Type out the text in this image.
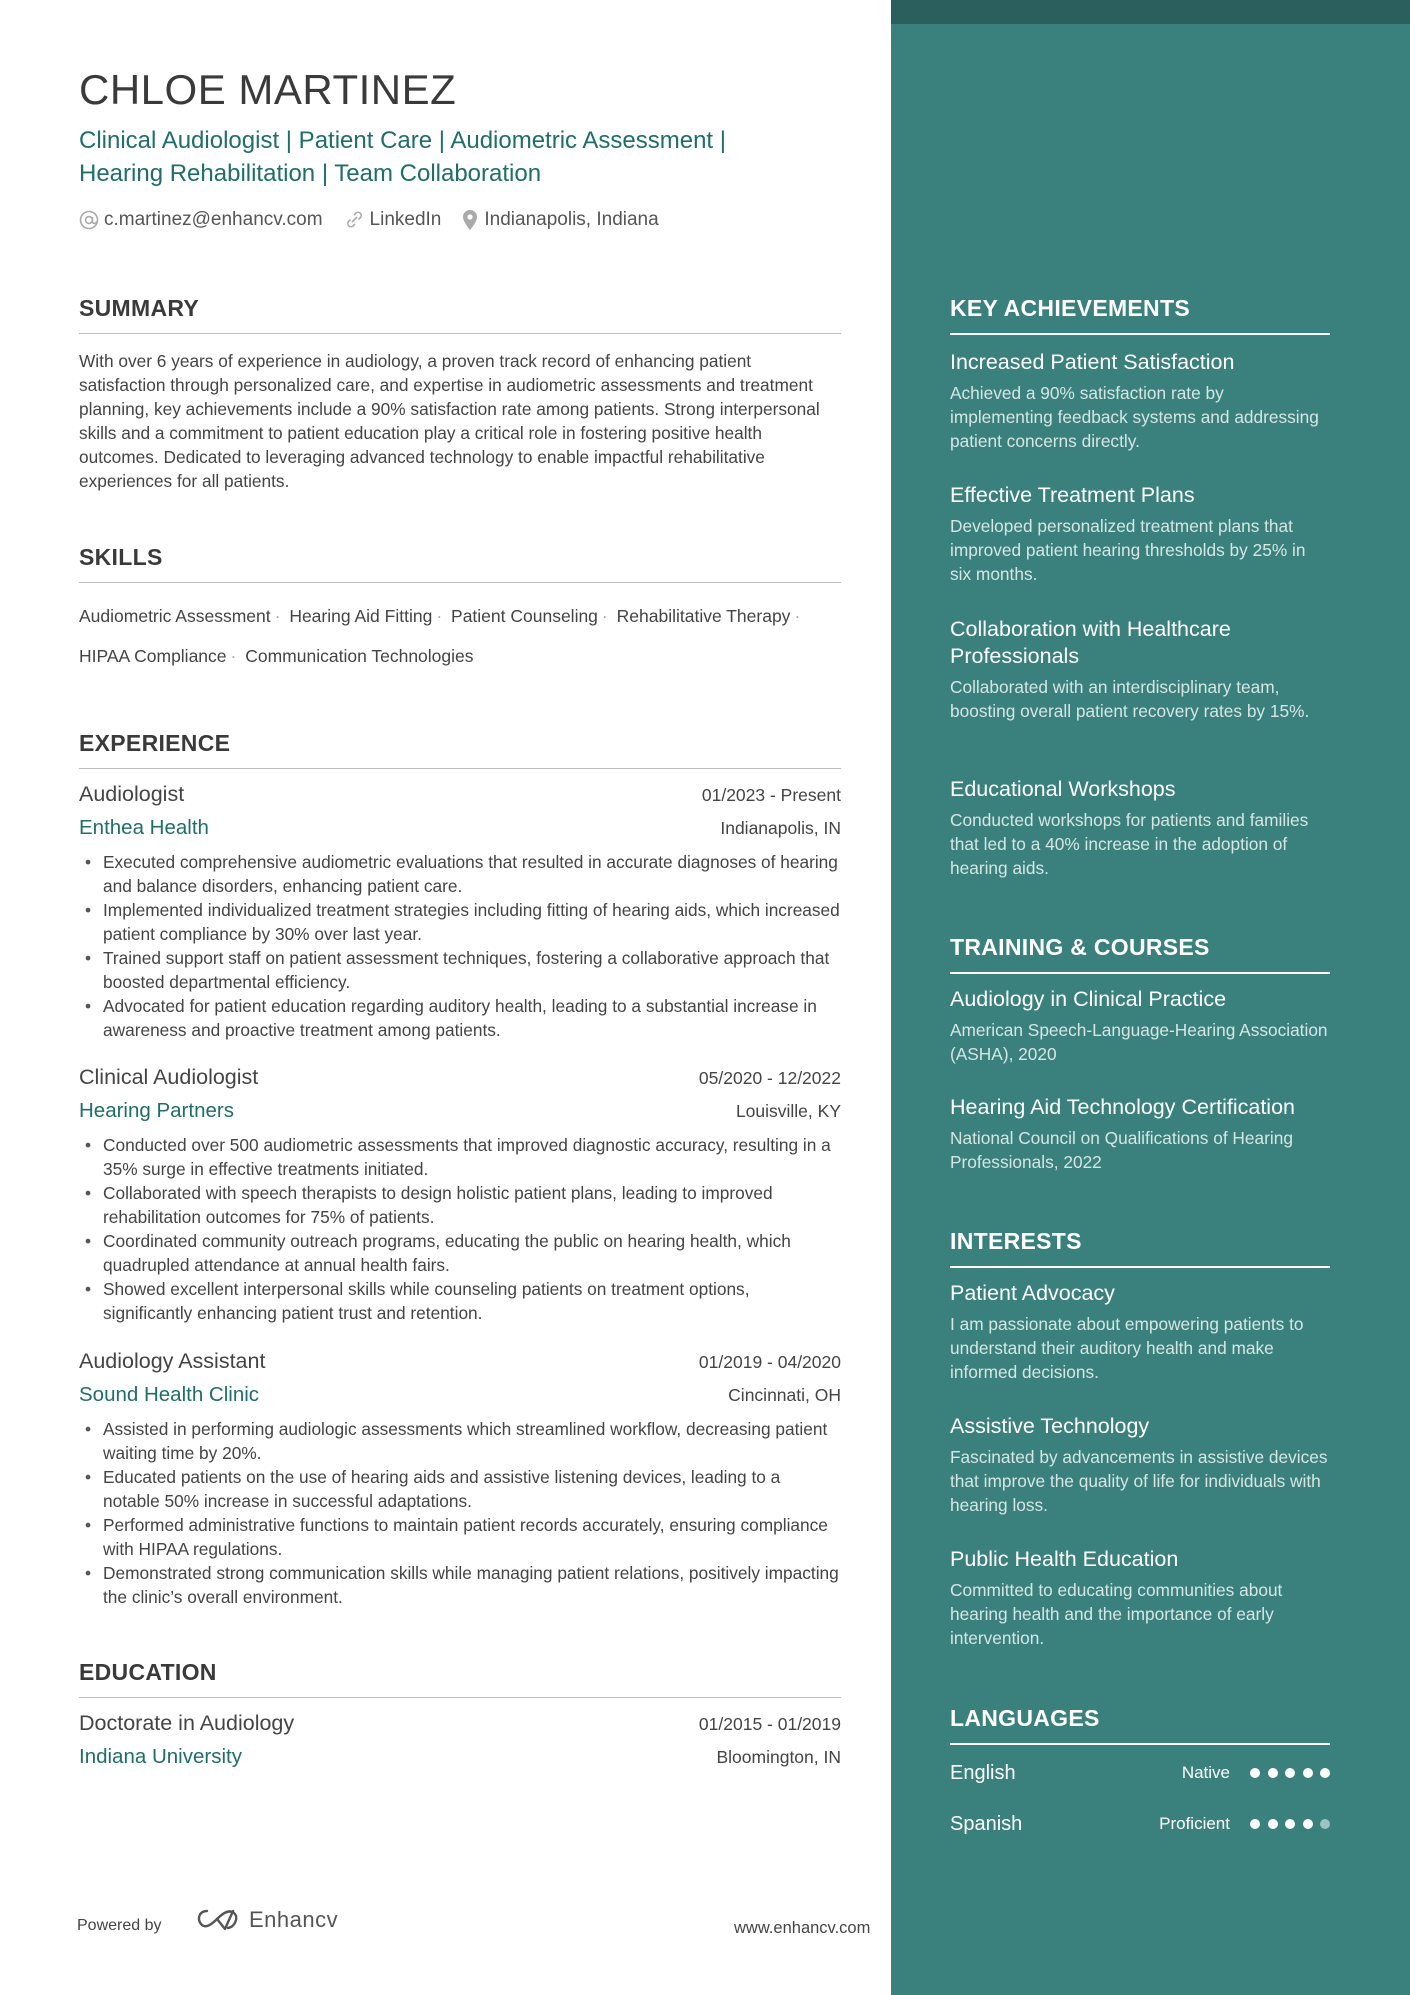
CHLOE MARTINEZ
Clinical Audiologist | Patient Care | Audiometric Assessment |
Hearing Rehabilitation | Team Collaboration
c.martinez@enhancv.com LinkedIn Indianapolis, Indiana
SUMMARY

With over 6 years of experience in audiology, a proven track record of enhancing patient satisfaction through personalized care, and expertise in audiometric assessments and treatment planning, key achievements include a 90% satisfaction rate among patients. Strong interpersonal skills and a commitment to patient education play a critical role in fostering positive health outcomes. Dedicated to leveraging advanced technology to enable impactful rehabilitative experiences for all patients.

SKILLS
Audiometric Assessment · Hearing Aid Fitting · Patient Counseling · Rehabilitative Therapy · HIPAA Compliance · Communication Technologies
EXPERIENCE
Audiologist	01/2023 - Present
Enthea Health	Indianapolis, IN
• Executed comprehensive audiometric evaluations that resulted in accurate diagnoses of hearing and balance disorders, enhancing patient care.
• Implemented individualized treatment strategies including fitting of hearing aids, which increased patient compliance by 30% over last year.
• Trained support staff on patient assessment techniques, fostering a collaborative approach that boosted departmental efficiency.
• Advocated for patient education regarding auditory health, leading to a substantial increase in awareness and proactive treatment among patients.
Clinical Audiologist	05/2020 - 12/2022
Hearing Partners	Louisville, KY
• Conducted over 500 audiometric assessments that improved diagnostic accuracy, resulting in a 35% surge in effective treatments initiated.
• Collaborated with speech therapists to design holistic patient plans, leading to improved rehabilitation outcomes for 75% of patients.
• Coordinated community outreach programs, educating the public on hearing health, which quadrupled attendance at annual health fairs.
• Showed excellent interpersonal skills while counseling patients on treatment options, significantly enhancing patient trust and retention.
Audiology Assistant	01/2019 - 04/2020
Sound Health Clinic	Cincinnati, OH
• Assisted in performing audiologic assessments which streamlined workflow, decreasing patient waiting time by 20%.
• Educated patients on the use of hearing aids and assistive listening devices, leading to a notable 50% increase in successful adaptations.
• Performed administrative functions to maintain patient records accurately, ensuring compliance with HIPAA regulations.
• Demonstrated strong communication skills while managing patient relations, positively impacting the clinic’s overall environment.
EDUCATION
Doctorate in Audiology	01/2015 - 01/2019
Indiana University	Bloomington, IN
KEY ACHIEVEMENTS
Increased Patient Satisfaction
Achieved a 90% satisfaction rate by implementing feedback systems and addressing patient concerns directly.
Effective Treatment Plans
Developed personalized treatment plans that improved patient hearing thresholds by 25% in six months.
Collaboration with Healthcare Professionals
Collaborated with an interdisciplinary team, boosting overall patient recovery rates by 15%.
Educational Workshops
Conducted workshops for patients and families that led to a 40% increase in the adoption of hearing aids.
TRAINING & COURSES
Audiology in Clinical Practice
American Speech-Language-Hearing Association (ASHA), 2020
Hearing Aid Technology Certification
National Council on Qualifications of Hearing Professionals, 2022
INTERESTS
Patient Advocacy
I am passionate about empowering patients to understand their auditory health and make informed decisions.
Assistive Technology
Fascinated by advancements in assistive devices that improve the quality of life for individuals with hearing loss.
Public Health Education
Committed to educating communities about hearing health and the importance of early intervention.
LANGUAGES
English	Native
Spanish	Proficient
Powered by	Enhancv	www.enhancv.com
